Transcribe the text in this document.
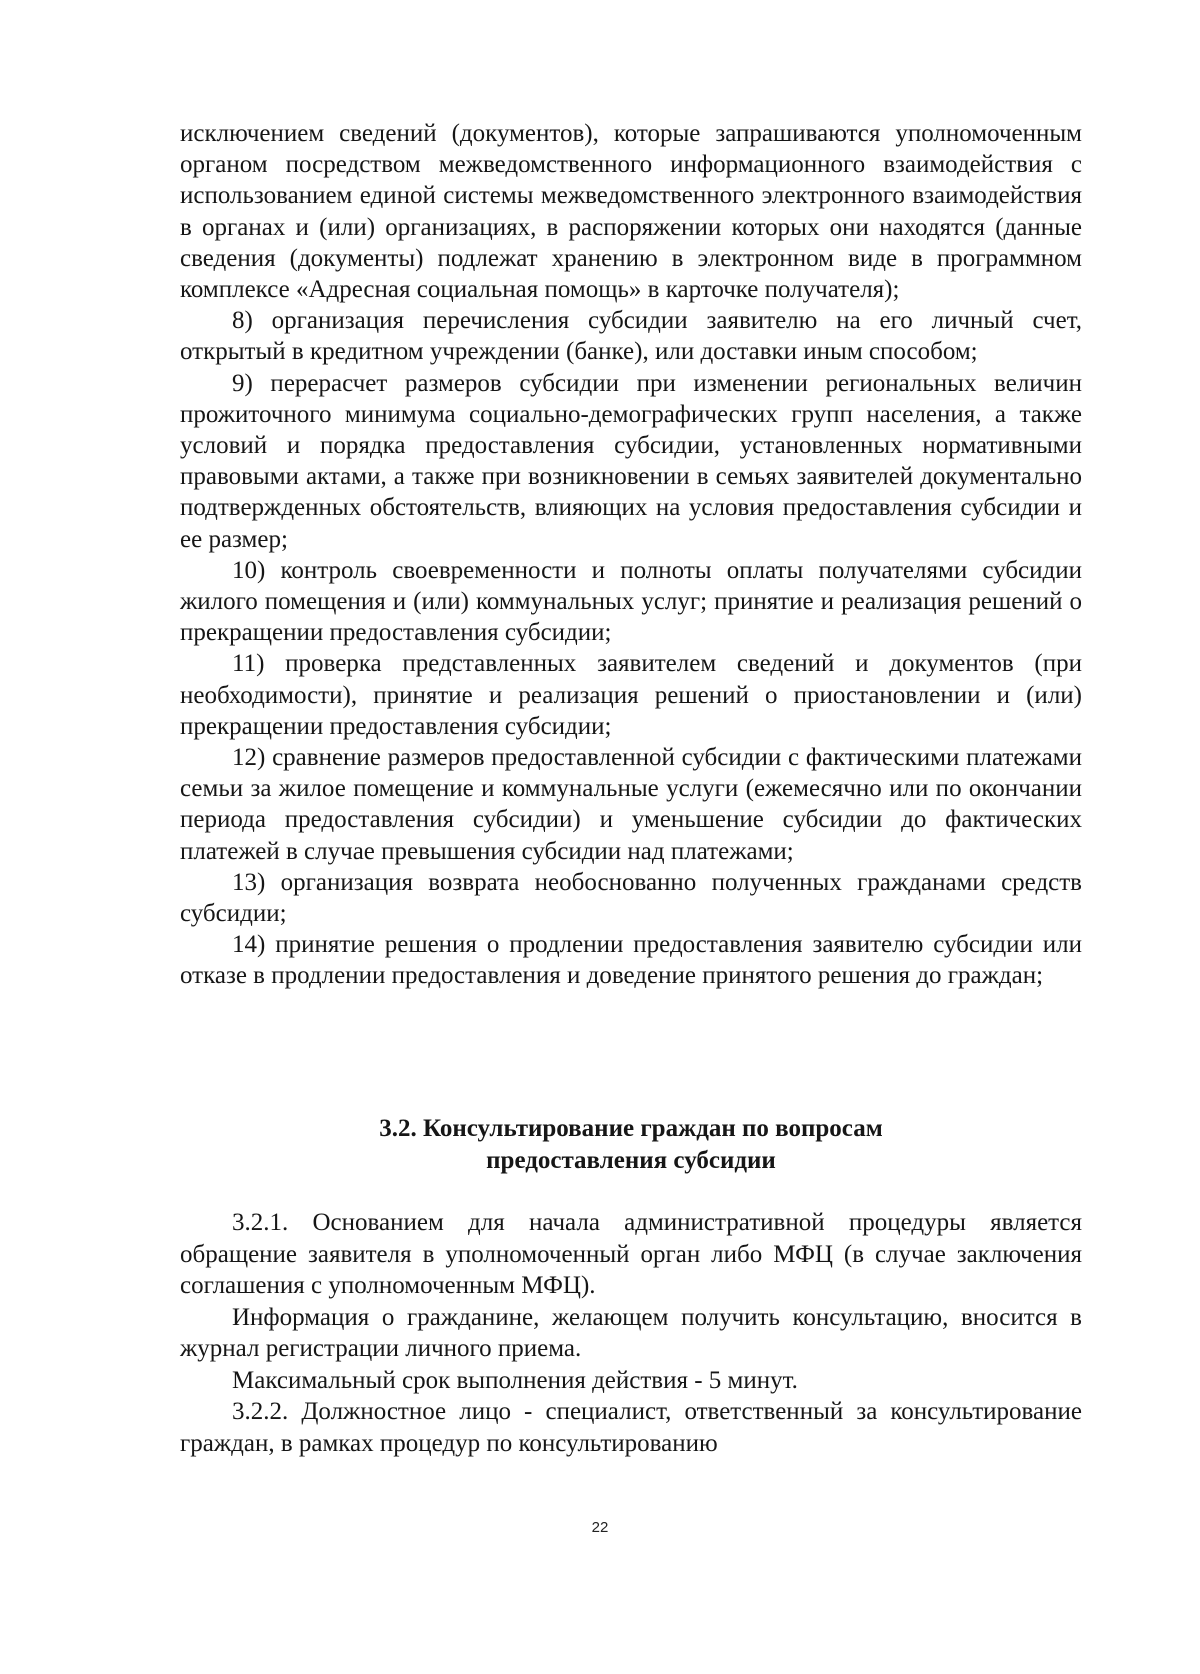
исключением сведений (документов), которые запрашиваются уполномоченным органом посредством межведомственного информационного взаимодействия с использованием единой системы межведомственного электронного взаимодействия в органах и (или) организациях, в распоряжении которых они находятся (данные сведения (документы) подлежат хранению в электронном виде в программном комплексе «Адресная социальная помощь» в карточке получателя);

8) организация перечисления субсидии заявителю на его личный счет, открытый в кредитном учреждении (банке), или доставки иным способом;

9) перерасчет размеров субсидии при изменении региональных величин прожиточного минимума социально-демографических групп населения, а также условий и порядка предоставления субсидии, установленных нормативными правовыми актами, а также при возникновении в семьях заявителей документально подтвержденных обстоятельств, влияющих на условия предоставления субсидии и ее размер;

10) контроль своевременности и полноты оплаты получателями субсидии жилого помещения и (или) коммунальных услуг; принятие и реализация решений о прекращении предоставления субсидии;

11) проверка представленных заявителем сведений и документов (при необходимости), принятие и реализация решений о приостановлении и (или) прекращении предоставления субсидии;

12) сравнение размеров предоставленной субсидии с фактическими платежами семьи за жилое помещение и коммунальные услуги (ежемесячно или по окончании периода предоставления субсидии) и уменьшение субсидии до фактических платежей в случае превышения субсидии над платежами;

13) организация возврата необоснованно полученных гражданами средств субсидии;

14) принятие решения о продлении предоставления заявителю субсидии или отказе в продлении предоставления и доведение принятого решения до граждан;

3.2. Консультирование граждан по вопросам
предоставления субсидии

3.2.1. Основанием для начала административной процедуры является обращение заявителя в уполномоченный орган либо МФЦ (в случае заключения соглашения с уполномоченным МФЦ).

Информация о гражданине, желающем получить консультацию, вносится в журнал регистрации личного приема.

Максимальный срок выполнения действия - 5 минут.

3.2.2. Должностное лицо - специалист, ответственный за консультирование граждан, в рамках процедур по консультированию

22
